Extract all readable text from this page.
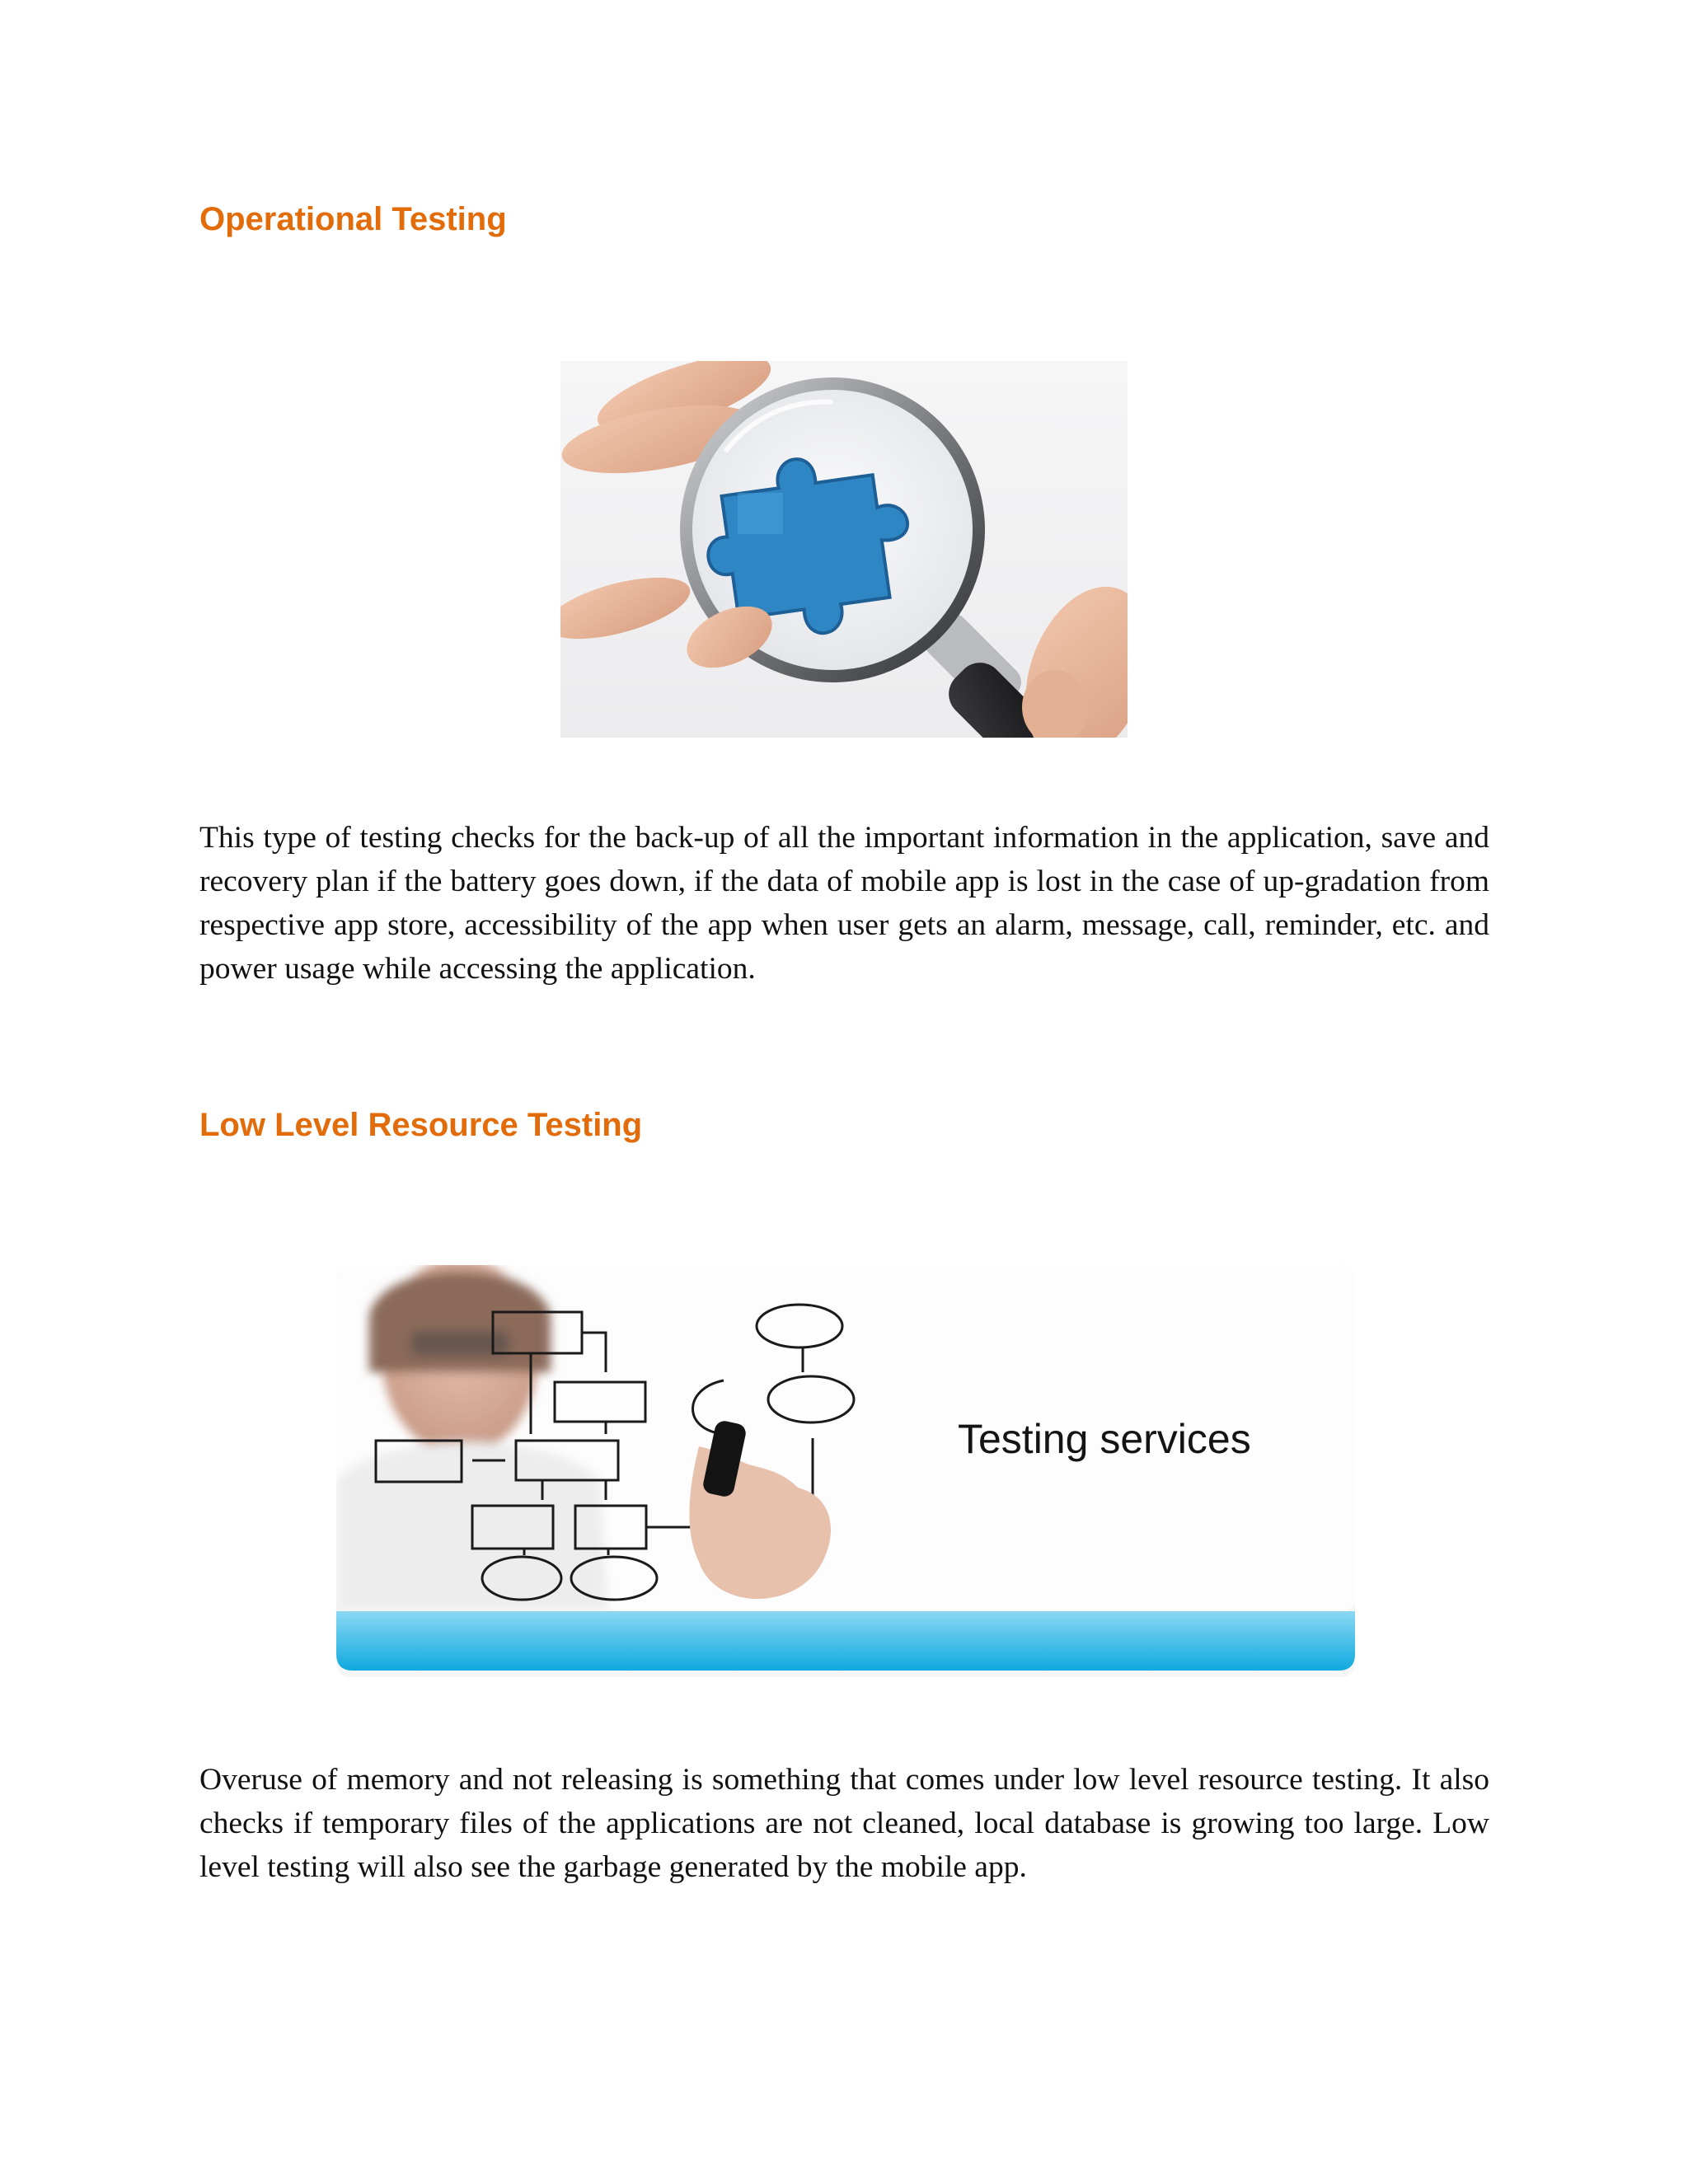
Operational Testing

This type of testing checks for the back-up of all the important information in the application, save and recovery plan if the battery goes down, if the data of mobile app is lost in the case of up-gradation from respective app store, accessibility of the app when user gets an alarm, message, call, reminder, etc. and power usage while accessing the application.

Low Level Resource Testing
Testing services

Overuse of memory and not releasing is something that comes under low level resource testing. It also checks if temporary files of the applications are not cleaned, local database is growing too large. Low level testing will also see the garbage generated by the mobile app.
